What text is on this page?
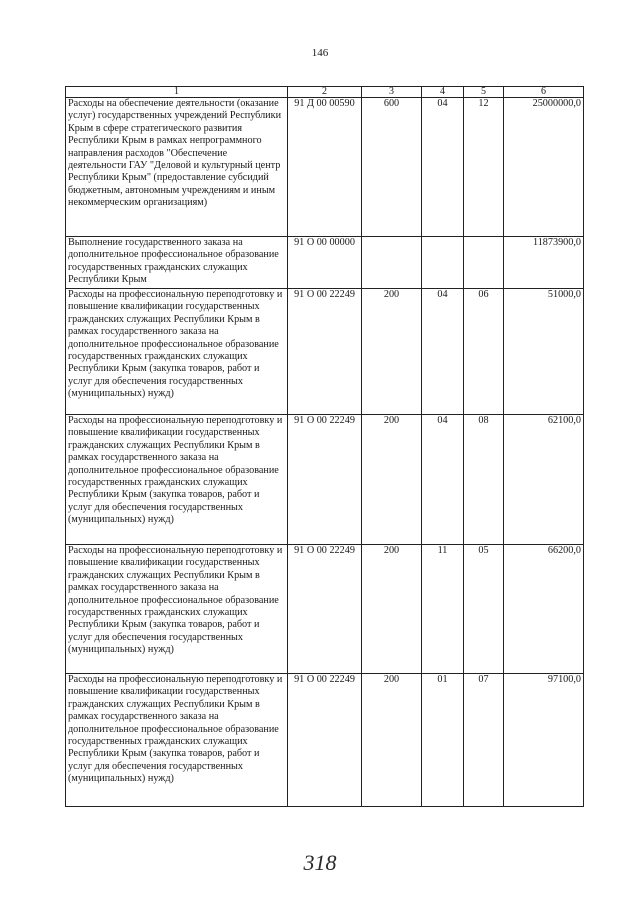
146
1	2	3	4	5	6
Расходы на обеспечение деятельности (оказание услуг) государственных учреждений Республики Крым в сфере стратегического развития Республики Крым в рамках непрограммного направления расходов "Обеспечение деятельности ГАУ "Деловой и культурный центр Республики Крым" (предоставление субсидий бюджетным, автономным учреждениям и иным некоммерческим организациям)	91 Д 00 00590	600	04	12	25000000,0
Выполнение государственного заказа на дополнительное профессиональное образование государственных гражданских служащих Республики Крым	91 О 00 00000				11873900,0
Расходы на профессиональную переподготовку и повышение квалификации государственных гражданских служащих Республики Крым в рамках государственного заказа на дополнительное профессиональное образование государственных гражданских служащих Республики Крым (закупка товаров, работ и услуг для обеспечения государственных (муниципальных) нужд)	91 О 00 22249	200	04	06	51000,0
Расходы на профессиональную переподготовку и повышение квалификации государственных гражданских служащих Республики Крым в рамках государственного заказа на дополнительное профессиональное образование государственных гражданских служащих Республики Крым (закупка товаров, работ и услуг для обеспечения государственных (муниципальных) нужд)	91 О 00 22249	200	04	08	62100,0
Расходы на профессиональную переподготовку и повышение квалификации государственных гражданских служащих Республики Крым в рамках государственного заказа на дополнительное профессиональное образование государственных гражданских служащих Республики Крым (закупка товаров, работ и услуг для обеспечения государственных (муниципальных) нужд)	91 О 00 22249	200	11	05	66200,0
Расходы на профессиональную переподготовку и повышение квалификации государственных гражданских служащих Республики Крым в рамках государственного заказа на дополнительное профессиональное образование государственных гражданских служащих Республики Крым (закупка товаров, работ и услуг для обеспечения государственных (муниципальных) нужд)	91 О 00 22249	200	01	07	97100,0
318
